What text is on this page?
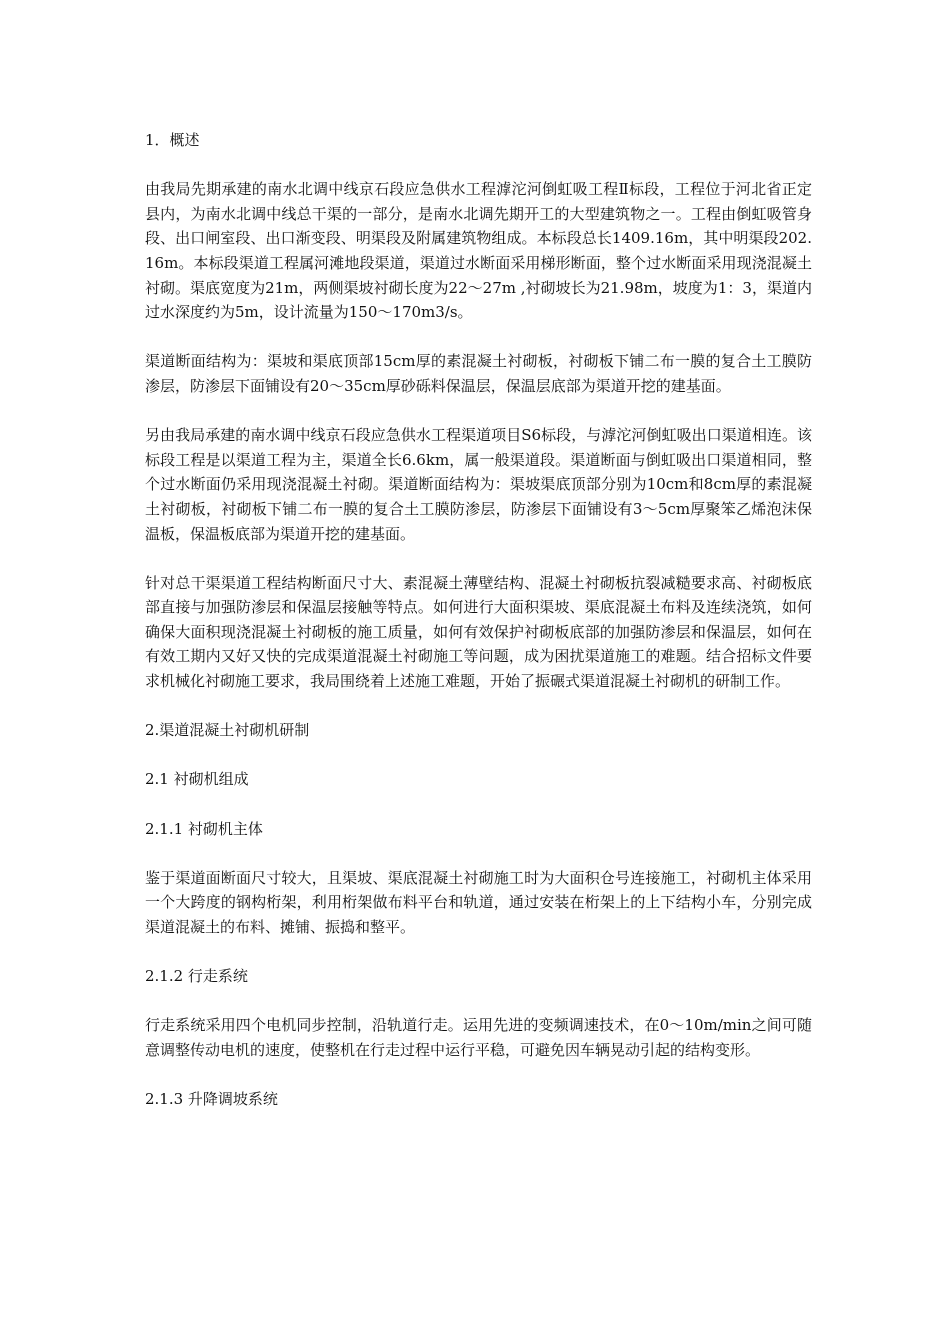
1．概述

由我局先期承建的南水北调中线京石段应急供水工程滹沱河倒虹吸工程Ⅱ标段，工程位于河北省正定县内，为南水北调中线总干渠的一部分，是南水北调先期开工的大型建筑物之一。工程由倒虹吸管身段、出口闸室段、出口渐变段、明渠段及附属建筑物组成。本标段总长1409.16m，其中明渠段202.16m。本标段渠道工程属河滩地段渠道，渠道过水断面采用梯形断面，整个过水断面采用现浇混凝土衬砌。渠底宽度为21m，两侧渠坡衬砌长度为22～27m ,衬砌坡长为21.98m，坡度为1：3，渠道内过水深度约为5m，设计流量为150～170m3/s。

渠道断面结构为：渠坡和渠底顶部15cm厚的素混凝土衬砌板，衬砌板下铺二布一膜的复合土工膜防渗层，防渗层下面铺设有20～35cm厚砂砾料保温层，保温层底部为渠道开挖的建基面。

另由我局承建的南水调中线京石段应急供水工程渠道项目S6标段，与滹沱河倒虹吸出口渠道相连。该标段工程是以渠道工程为主，渠道全长6.6km，属一般渠道段。渠道断面与倒虹吸出口渠道相同，整个过水断面仍采用现浇混凝土衬砌。渠道断面结构为：渠坡渠底顶部分别为10cm和8cm厚的素混凝土衬砌板，衬砌板下铺二布一膜的复合土工膜防渗层，防渗层下面铺设有3～5cm厚聚笨乙烯泡沫保温板，保温板底部为渠道开挖的建基面。

针对总干渠渠道工程结构断面尺寸大、素混凝土薄壁结构、混凝土衬砌板抗裂减糙要求高、衬砌板底部直接与加强防渗层和保温层接触等特点。如何进行大面积渠坡、渠底混凝土布料及连续浇筑，如何确保大面积现浇混凝土衬砌板的施工质量，如何有效保护衬砌板底部的加强防渗层和保温层，如何在有效工期内又好又快的完成渠道混凝土衬砌施工等问题，成为困扰渠道施工的难题。结合招标文件要求机械化衬砌施工要求，我局围绕着上述施工难题，开始了振碾式渠道混凝土衬砌机的研制工作。

2.渠道混凝土衬砌机研制

2.1 衬砌机组成

2.1.1 衬砌机主体

鉴于渠道面断面尺寸较大，且渠坡、渠底混凝土衬砌施工时为大面积仓号连接施工，衬砌机主体采用一个大跨度的钢构桁架，利用桁架做布料平台和轨道，通过安装在桁架上的上下结构小车，分别完成渠道混凝土的布料、摊铺、振捣和整平。

2.1.2 行走系统

行走系统采用四个电机同步控制，沿轨道行走。运用先进的变频调速技术，在0～10m/min之间可随意调整传动电机的速度，使整机在行走过程中运行平稳，可避免因车辆晃动引起的结构变形。

2.1.3 升降调坡系统
